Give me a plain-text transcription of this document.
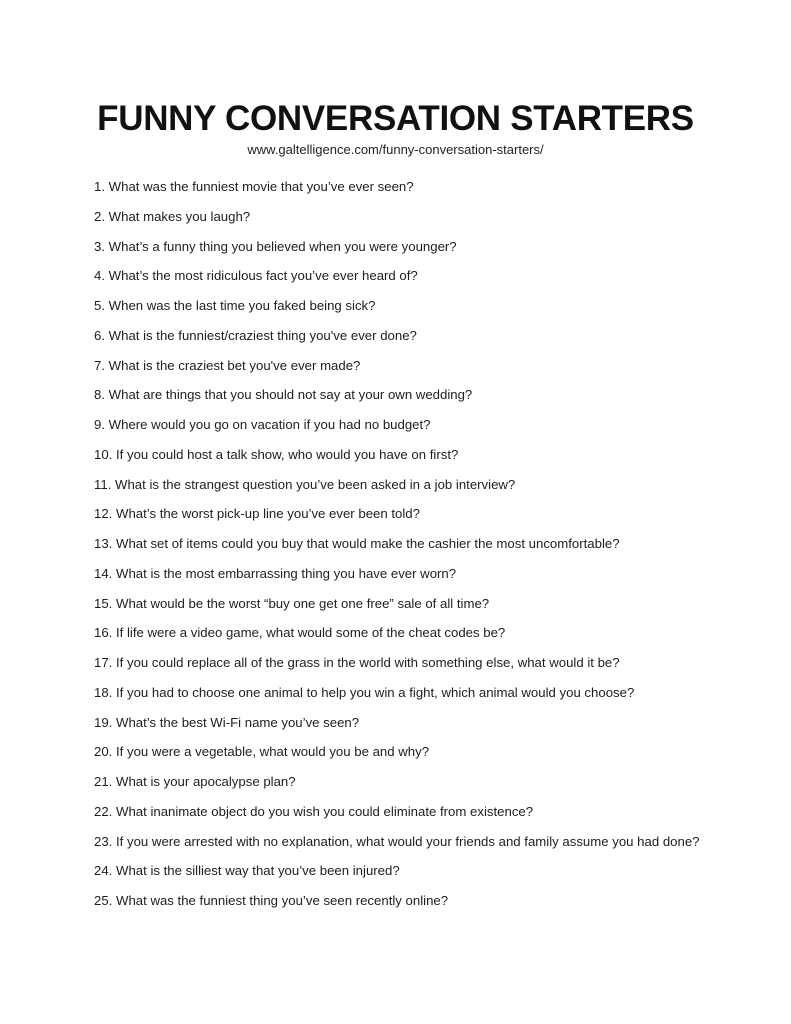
FUNNY CONVERSATION STARTERS
www.galtelligence.com/funny-conversation-starters/
1. What was the funniest movie that you’ve ever seen?
2. What makes you laugh?
3. What’s a funny thing you believed when you were younger?
4. What’s the most ridiculous fact you’ve ever heard of?
5. When was the last time you faked being sick?
6. What is the funniest/craziest thing you've ever done?
7. What is the craziest bet you've ever made?
8. What are things that you should not say at your own wedding?
9. Where would you go on vacation if you had no budget?
10. If you could host a talk show, who would you have on first?
11. What is the strangest question you’ve been asked in a job interview?
12. What’s the worst pick-up line you’ve ever been told?
13. What set of items could you buy that would make the cashier the most uncomfortable?
14. What is the most embarrassing thing you have ever worn?
15. What would be the worst “buy one get one free” sale of all time?
16. If life were a video game, what would some of the cheat codes be?
17. If you could replace all of the grass in the world with something else, what would it be?
18. If you had to choose one animal to help you win a fight, which animal would you choose?
19. What’s the best Wi-Fi name you’ve seen?
20. If you were a vegetable, what would you be and why?
21. What is your apocalypse plan?
22. What inanimate object do you wish you could eliminate from existence?
23. If you were arrested with no explanation, what would your friends and family assume you had done?
24. What is the silliest way that you’ve been injured?
25. What was the funniest thing you’ve seen recently online?
